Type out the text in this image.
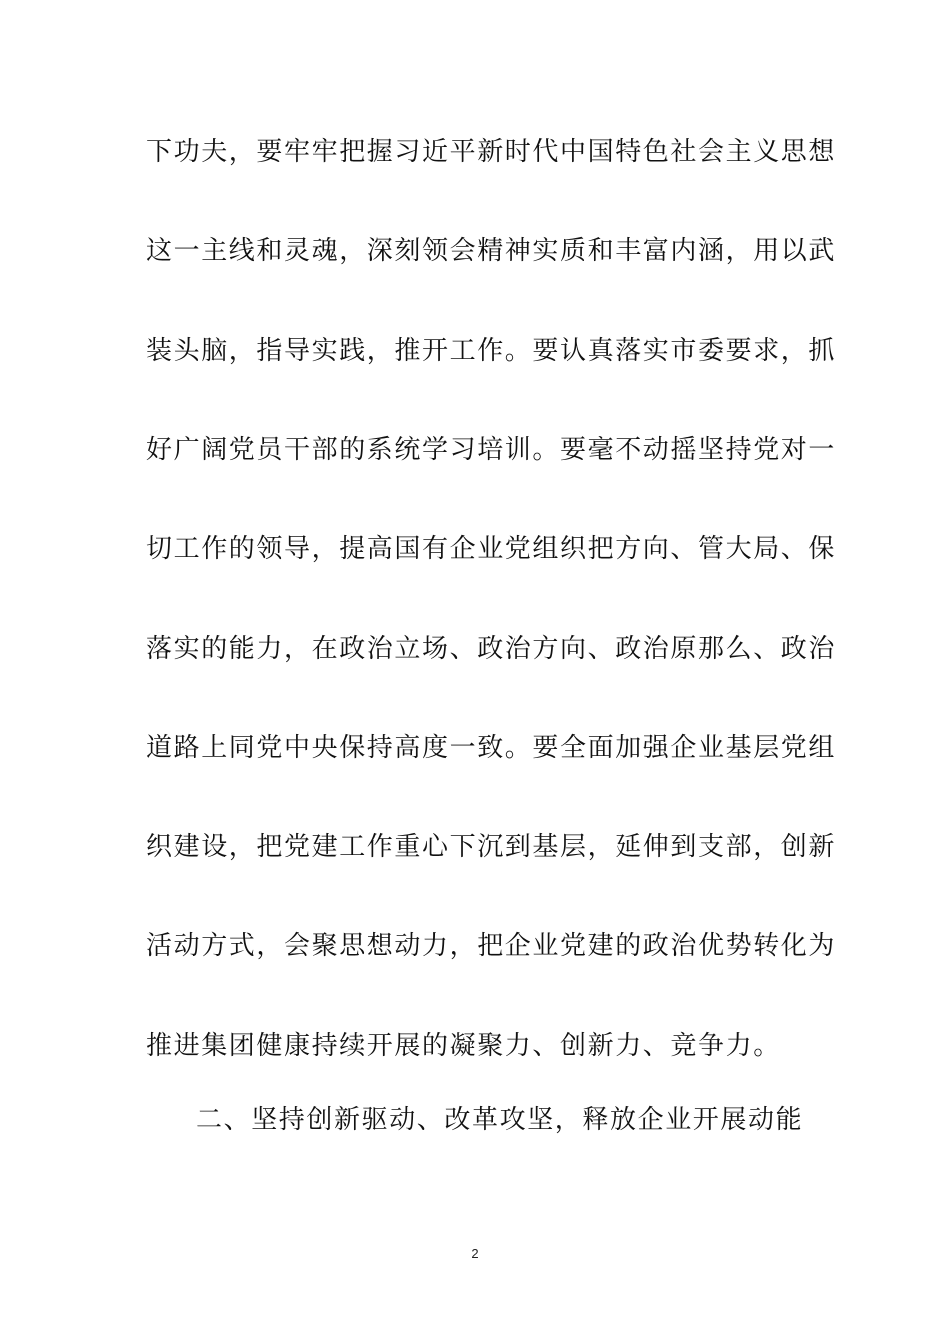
下功夫，要牢牢把握习近平新时代中国特色社会主义思想
这一主线和灵魂，深刻领会精神实质和丰富内涵，用以武
装头脑，指导实践，推开工作。要认真落实市委要求，抓
好广阔党员干部的系统学习培训。要毫不动摇坚持党对一
切工作的领导，提高国有企业党组织把方向、管大局、保
落实的能力，在政治立场、政治方向、政治原那么、政治
道路上同党中央保持高度一致。要全面加强企业基层党组
织建设，把党建工作重心下沉到基层，延伸到支部，创新
活动方式，会聚思想动力，把企业党建的政治优势转化为
推进集团健康持续开展的凝聚力、创新力、竞争力。
二、坚持创新驱动、改革攻坚，释放企业开展动能
2
